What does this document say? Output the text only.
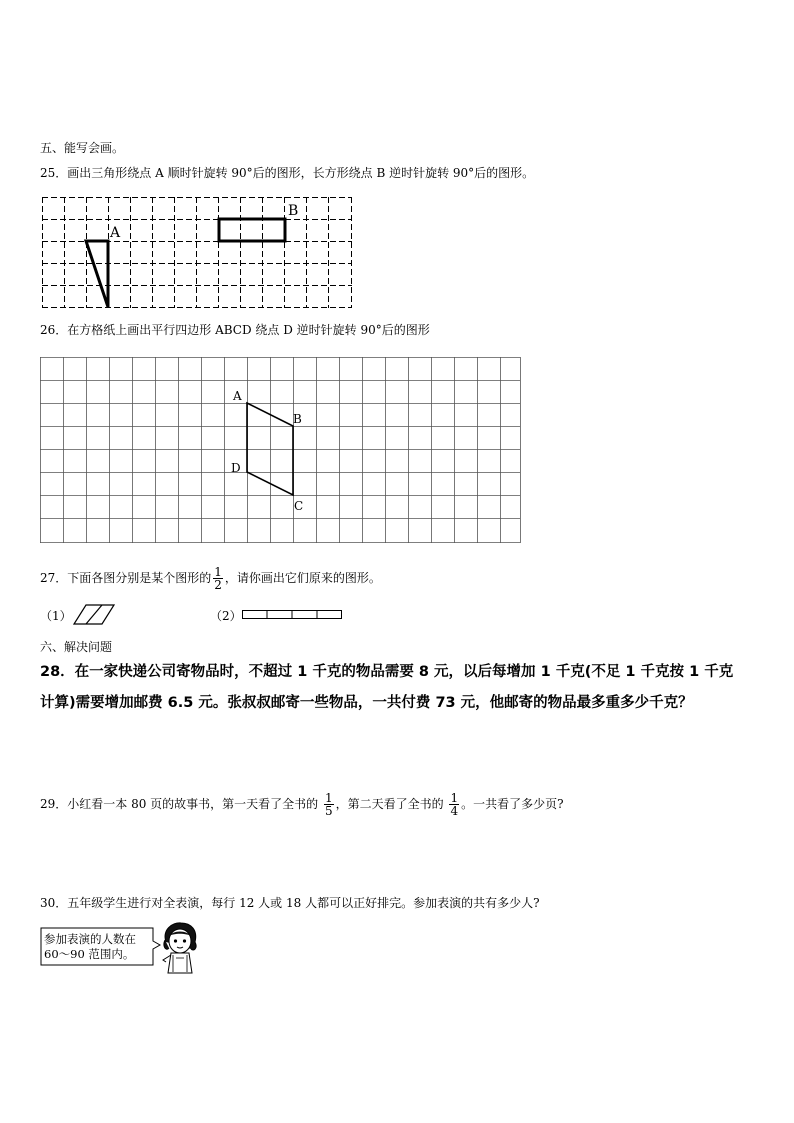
五、能写会画。
25．画出三角形绕点 A 顺时针旋转 90°后的图形，长方形绕点 B 逆时针旋转 90°后的图形。
A
B
26．在方格纸上画出平行四边形 ABCD 绕点 D 逆时针旋转 90°后的图形
A
B
C
D
27．下面各图分别是某个图形的 $\frac{1}{2}$ ，请你画出它们原来的图形。
（1）	（2）
六、解决问题
28．在一家快递公司寄物品时，不超过 1 千克的物品需要 8 元，以后每增加 1 千克(不足 1 千克按 1 千克
计算)需要增加邮费 6.5 元。张叔叔邮寄一些物品，一共付费 73 元，他邮寄的物品最多重多少千克？
29．小红看一本 80 页的故事书，第一天看了全书的 $\frac{1}{5}$ ，第二天看了全书的 $\frac{1}{4}$ 。一共看了多少页?
30．五年级学生进行对全表演，每行 12 人或 18 人都可以正好排完。参加表演的共有多少人?
参加表演的人数在
60～90 范围内。
